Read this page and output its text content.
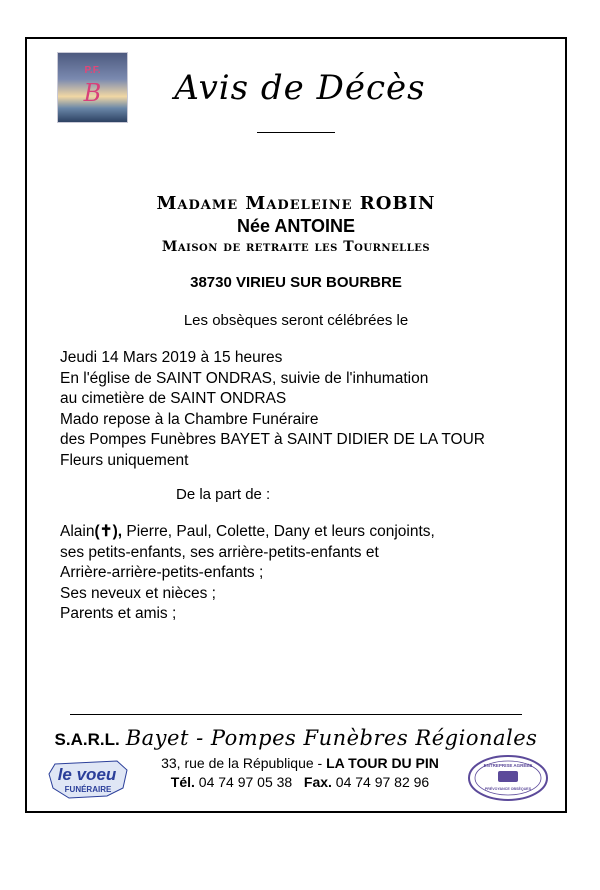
P.F.
B	Avis de Décès
Madame Madeleine ROBIN
Née ANTOINE
Maison de retraite les Tournelles
38730 VIRIEU SUR BOURBRE
Les obsèques seront célébrées le
Jeudi 14 Mars 2019 à 15 heures
En l'église de SAINT ONDRAS, suivie de l'inhumation
au cimetière de SAINT ONDRAS
Mado repose à la Chambre Funéraire
des Pompes Funèbres BAYET à SAINT DIDIER DE LA TOUR
Fleurs uniquement
De la part de :
Alain(✝), Pierre, Paul, Colette, Dany et leurs conjoints,
ses petits-enfants, ses arrière-petits-enfants et
Arrière-arrière-petits-enfants ;
Ses neveux et nièces ;
Parents et amis ;
S.A.R.L. Bayet - Pompes Funèbres Régionales
33, rue de la République - LA TOUR DU PIN
Tél. 04 74 97 05 38 Fax. 04 74 97 82 96
le voeu
FUNÉRAIRE
ENTREPRISE AGRÉÉE
PRÉVOYANCE OBSÈQUES
